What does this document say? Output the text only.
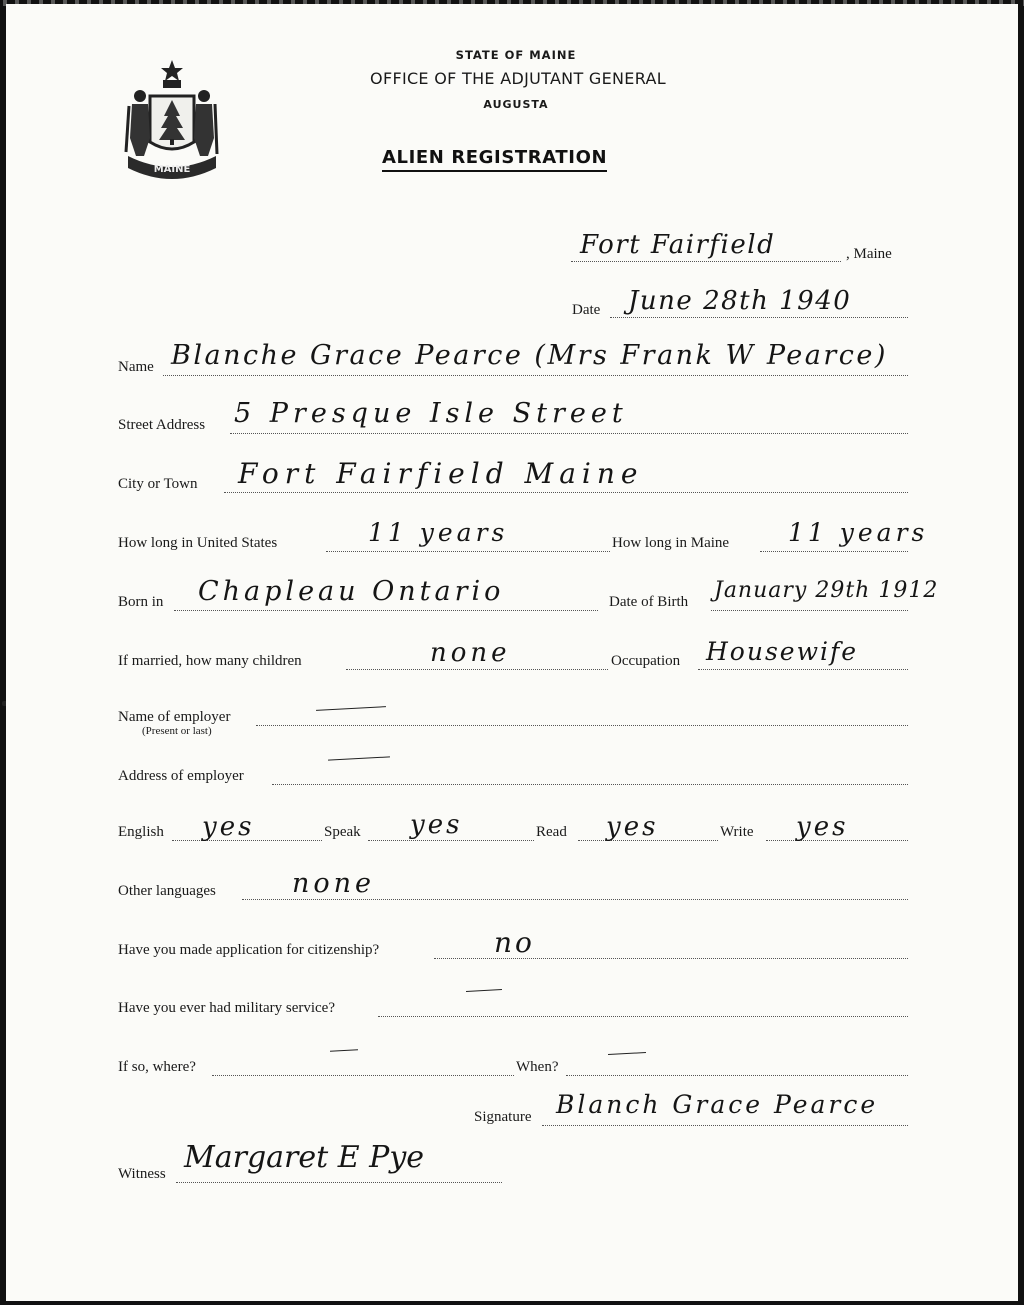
MAINE
STATE OF MAINE
OFFICE OF THE ADJUTANT GENERAL
AUGUSTA
ALIEN REGISTRATION
Fort Fairfield	, Maine
Date June 28th 1940
Name Blanche Grace Pearce (Mrs Frank W Pearce)
Street Address 5 Presque Isle Street
City or Town Fort Fairfield Maine
How long in United States	11 years	How long in Maine 11 years
Born in Chapleau Ontario	Date of Birth January 29th 1912
If married, how many children	none	Occupation Housewife
Name of employer
(Present or last)
Address of employer
English yes	Speak yes	Read yes	Write yes
Other languages	none
Have you made application for citizenship?	no
Have you ever had military service?
If so, where?	When?
Signature Blanch Grace Pearce
Witness Margaret E Pye
